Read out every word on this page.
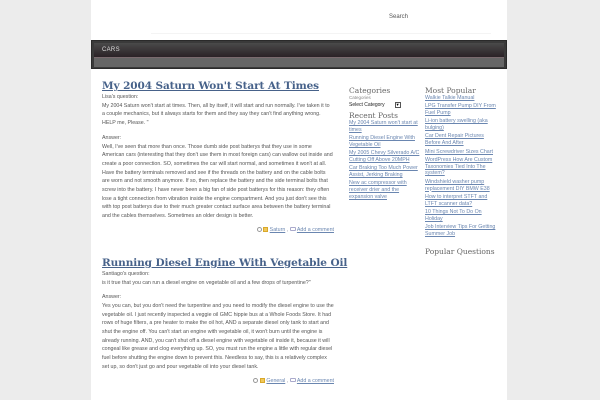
Search
CARS
My 2004 Saturn Won't Start At Times

Lisa's question:

My 2004 Saturn won't start at times. Then, all by itself, it will start and run normally. I've taken it to a couple mechanics, but it always starts for them and they say they can't find anything wrong. HELP me, Please. "

Answer:

Well, I've seen that more than once. Those dumb side post batterys that they use in some American cars (interesting that they don't use them in most foreign cars) can wallow out inside and create a poor connection. SO, sometimes the car will start normal, and sometimes it won't at all. Have the battery terminals removed and see if the threads on the battery and on the cable bolts are worn and not smooth anymore. If so, then replace the battery and the side terminal bolts that screw into the battery. I have never been a big fan of side post batterys for this reason: they often lose a tight connection from vibration inside the engine compartment. And you just don't see this with top post batterys due to their much greater contact surface area between the battery terminal and the cables themselves. Sometimes an older design is better.

Saturn ,  Add a comment
Running Diesel Engine With Vegetable Oil

Santiago's question:

is it true that you can run a diesel engine on vegetable oil and a few drops of turpentine?"

Answer:

Yes you can, but you don't need the turpentine and you need to modify the diesel engine to use the vegetable oil. I just recently inspected a veggie oil GMC hippie bus at a Whole Foods Store. It had rows of huge filters, a pre heater to make the oil hot, AND a separate diesel only tank to start and shut the engine off. You can't start an engine with vegetable oil, it won't burn until the engine is already running. AND, you can't shut off a diesel engine with vegetable oil inside it, because it will congeal like grease and clog everything up. SO, you must run the engine a little with regular diesel fuel before shutting the engine down to prevent this. Needless to say, this is a relatively complex set up, so don't just go and pour vegetable oil into your diesel tank.

General ,  Add a comment
Categories
Categories
Select Category	▼
Recent Posts
My 2004 Saturn won't start at times
Running Diesel Engine With Vegetable Oil
My 2005 Chevy Silverado A/C Cutting Off Above 20MPH
Car Braking Too Much Power Assist, Jerking Braking
New ac compressor with receiver drier and the expansion valve
Most Popular
Walkie Talkie Manual
LPG Transfer Pump DIY From Fuel Pump
Li-ion battery swelling (aka bulging)
Car Dent Repair Pictures Before And After
Mini Screwdriver Sizes Chart
WordPress How Are Custom Taxonomies Tied Into The system?
Windshield washer pump replacement DIY BMW E38
How to interpret STFT and LTFT scanner data?
10 Things Not To Do On Holiday
Job Interview Tips For Getting Summer Job
Popular Questions
